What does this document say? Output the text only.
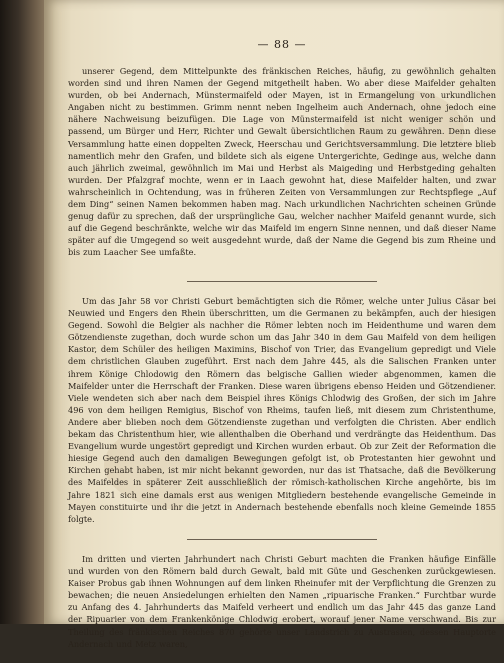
— 88 —

unserer Gegend, dem Mittelpunkte des fränkischen Reiches, häufig, zu gewöhnlich gehalten worden sind und ihren Namen der Gegend mitgetheilt haben. Wo aber diese Maifelder gehalten wurden, ob bei Andernach, Münstermaifeld oder Mayen, ist in Ermangelung von urkundlichen Angaben nicht zu bestimmen. Grimm nennt neben Ingelheim auch Andernach, ohne jedoch eine nähere Nachweisung beizufügen. Die Lage von Münstermaifeld ist nicht weniger schön und passend, um Bürger und Herr, Richter und Gewalt übersichtlichen Raum zu gewähren. Denn diese Versammlung hatte einen doppelten Zweck, Heerschau und Gerichtsversammlung. Die letztere blieb namentlich mehr den Grafen, und bildete sich als eigene Untergerichte, Gedinge aus, welche dann auch jährlich zweimal, gewöhnlich im Mai und Herbst als Maigeding und Herbstgeding gehalten wurden. Der Pfalzgraf mochte, wenn er in Laach gewohnt hat, diese Maifelder halten, und zwar wahrscheinlich in Ochtendung, was in früheren Zeiten von Versammlungen zur Rechtspflege „Auf dem Ding“ seinen Namen bekommen haben mag. Nach urkundlichen Nachrichten scheinen Gründe genug dafür zu sprechen, daß der ursprüngliche Gau, welcher nachher Maifeld genannt wurde, sich auf die Gegend beschränkte, welche wir das Maifeld im engern Sinne nennen, und daß dieser Name später auf die Umgegend so weit ausgedehnt wurde, daß der Name die Gegend bis zum Rheine und bis zum Laacher See umfaßte.

Um das Jahr 58 vor Christi Geburt bemächtigten sich die Römer, welche unter Julius Cäsar bei Neuwied und Engers den Rhein überschritten, um die Germanen zu bekämpfen, auch der hiesigen Gegend. Sowohl die Belgier als nachher die Römer lebten noch im Heidenthume und waren dem Götzendienste zugethan, doch wurde schon um das Jahr 340 in dem Gau Maifeld von dem heiligen Kastor, dem Schüler des heiligen Maximins, Bischof von Trier, das Evangelium gepredigt und Viele dem christlichen Glauben zugeführt. Erst nach dem Jahre 445, als die Salischen Franken unter ihrem Könige Chlodowig den Römern das belgische Gallien wieder abgenommen, kamen die Maifelder unter die Herrschaft der Franken. Diese waren übrigens ebenso Heiden und Götzendiener. Viele wendeten sich aber nach dem Beispiel ihres Königs Chlodwig des Großen, der sich im Jahre 496 von dem heiligen Remigius, Bischof von Rheims, taufen ließ, mit diesem zum Christenthume, Andere aber blieben noch dem Götzendienste zugethan und verfolgten die Christen. Aber endlich bekam das Christenthum hier, wie allenthalben die Oberhand und verdrängte das Heidenthum. Das Evangelium wurde ungestört gepredigt und Kirchen wurden erbaut. Ob zur Zeit der Reformation die hiesige Gegend auch den damaligen Bewegungen gefolgt ist, ob Protestanten hier gewohnt und Kirchen gehabt haben, ist mir nicht bekannt geworden, nur das ist Thatsache, daß die Bevölkerung des Maifeldes in späterer Zeit ausschließlich der römisch-katholischen Kirche angehörte, bis im Jahre 1821 sich eine damals erst aus wenigen Mitgliedern bestehende evangelische Gemeinde in Mayen constituirte und ihr die jetzt in Andernach bestehende ebenfalls noch kleine Gemeinde 1855 folgte.

Im dritten und vierten Jahrhundert nach Christi Geburt machten die Franken häufige Einfälle und wurden von den Römern bald durch Gewalt, bald mit Güte und Geschenken zurückgewiesen. Kaiser Probus gab ihnen Wohnungen auf dem linken Rheinufer mit der Verpflichtung die Grenzen zu bewachen; die neuen Ansiedelungen erhielten den Namen „ripuarische Franken.“ Furchtbar wurde zu Anfang des 4. Jahrhunderts das Maifeld verheert und endlich um das Jahr 445 das ganze Land der Ripuarier von dem Frankenkönige Chlodwig erobert, worauf jener Name verschwand. Bis zur Theilung des fränkischen Reiches 870 gehörte unser Landstrich zu Austrasien, dessen Hauptorte Andernach und Metz waren,
